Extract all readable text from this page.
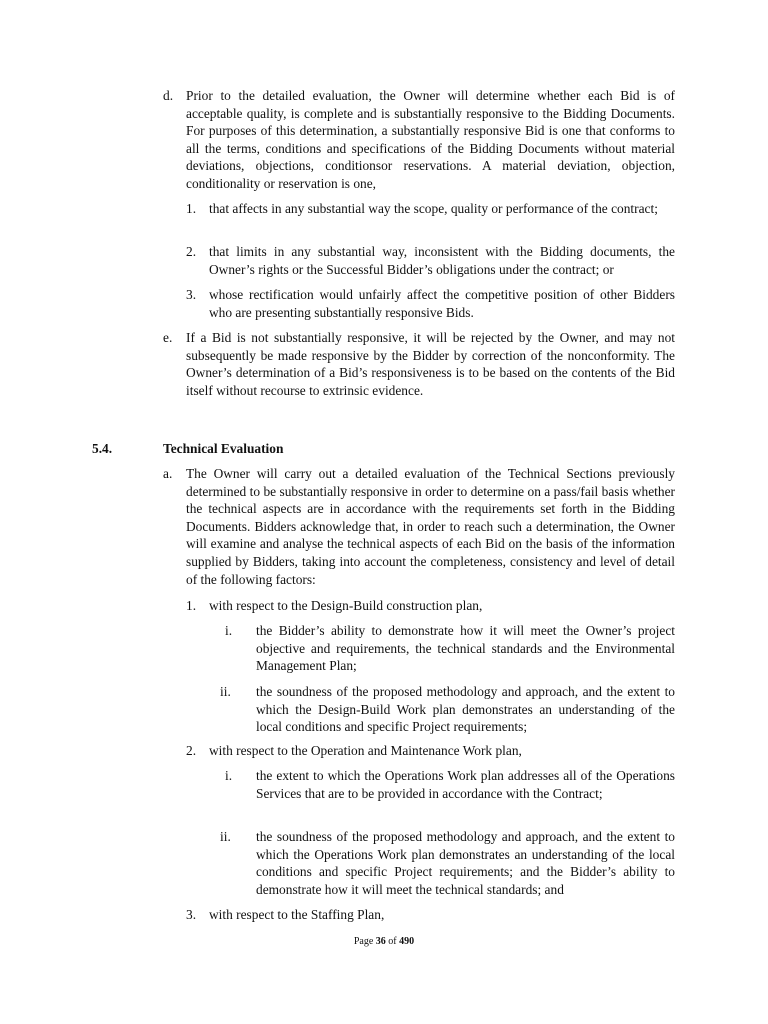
d. Prior to the detailed evaluation, the Owner will determine whether each Bid is of acceptable quality, is complete and is substantially responsive to the Bidding Documents. For purposes of this determination, a substantially responsive Bid is one that conforms to all the terms, conditions and specifications of the Bidding Documents without material deviations, objections, conditionsor reservations. A material deviation, objection, conditionality or reservation is one,
1. that affects in any substantial way the scope, quality or performance of the contract;
2. that limits in any substantial way, inconsistent with the Bidding documents, the Owner’s rights or the Successful Bidder’s obligations under the contract; or
3. whose rectification would unfairly affect the competitive position of other Bidders who are presenting substantially responsive Bids.
e. If a Bid is not substantially responsive, it will be rejected by the Owner, and may not subsequently be made responsive by the Bidder by correction of the nonconformity. The Owner’s determination of a Bid’s responsiveness is to be based on the contents of the Bid itself without recourse to extrinsic evidence.
5.4.	Technical Evaluation
a. The Owner will carry out a detailed evaluation of the Technical Sections previously determined to be substantially responsive in order to determine on a pass/fail basis whether the technical aspects are in accordance with the requirements set forth in the Bidding Documents. Bidders acknowledge that, in order to reach such a determination, the Owner will examine and analyse the technical aspects of each Bid on the basis of the information supplied by Bidders, taking into account the completeness, consistency and level of detail of the following factors:
1. with respect to the Design-Build construction plan,
i. the Bidder’s ability to demonstrate how it will meet the Owner’s project objective and requirements, the technical standards and the Environmental Management Plan;
ii. the soundness of the proposed methodology and approach, and the extent to which the Design-Build Work plan demonstrates an understanding of the local conditions and specific Project requirements;
2. with respect to the Operation and Maintenance Work plan,
i. the extent to which the Operations Work plan addresses all of the Operations Services that are to be provided in accordance with the Contract;
ii. the soundness of the proposed methodology and approach, and the extent to which the Operations Work plan demonstrates an understanding of the local conditions and specific Project requirements; and the Bidder’s ability to demonstrate how it will meet the technical standards; and
3. with respect to the Staffing Plan,
Page 36 of 490
